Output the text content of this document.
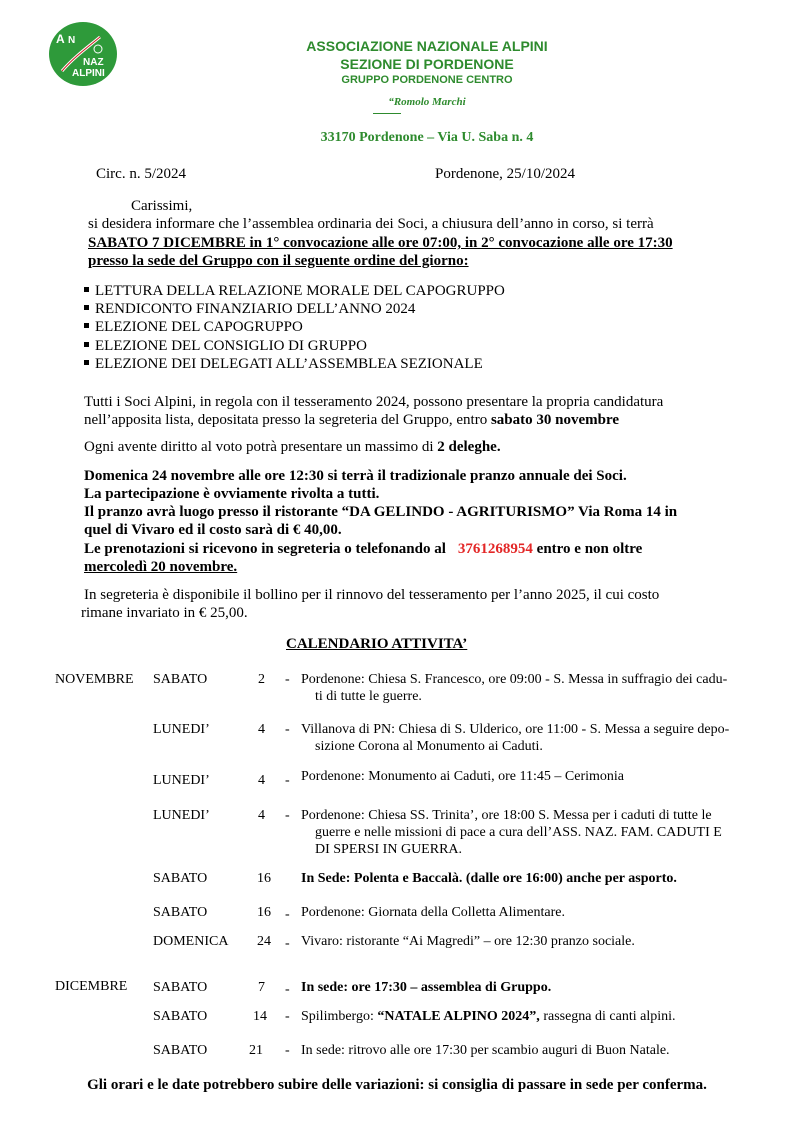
A N
NAZ
ALPINI
ASSOCIAZIONE NAZIONALE ALPINI
SEZIONE DI PORDENONE
GRUPPO PORDENONE CENTRO
“Romolo Marchi
33170 Pordenone – Via U. Saba n. 4
Circ. n. 5/2024	Pordenone, 25/10/2024
Carissimi,
si desidera informare che l’assemblea ordinaria dei Soci, a chiusura dell’anno in corso, si terrà
SABATO 7 DICEMBRE in 1° convocazione alle ore 07:00, in 2° convocazione alle ore 17:30
presso la sede del Gruppo con il seguente ordine del giorno:
LETTURA DELLA RELAZIONE MORALE DEL CAPOGRUPPO
RENDICONTO FINANZIARIO DELL’ANNO 2024
ELEZIONE DEL CAPOGRUPPO
ELEZIONE DEL CONSIGLIO DI GRUPPO
ELEZIONE DEI DELEGATI ALL’ASSEMBLEA SEZIONALE
Tutti i Soci Alpini, in regola con il tesseramento 2024, possono presentare la propria candidatura
nell’apposita lista, depositata presso la segreteria del Gruppo, entro sabato 30 novembre
Ogni avente diritto al voto potrà presentare un massimo di 2 deleghe.
Domenica 24 novembre alle ore 12:30 si terrà il tradizionale pranzo annuale dei Soci.
La partecipazione è ovviamente rivolta a tutti.
Il pranzo avrà luogo presso il ristorante “DA GELINDO - AGRITURISMO” Via Roma 14 in
quel di Vivaro ed il costo sarà di € 40,00.
Le prenotazioni si ricevono in segreteria o telefonando al 3761268954 entro e non oltre
mercoledì 20 novembre.
In segreteria è disponibile il bollino per il rinnovo del tesseramento per l’anno 2025, il cui costo
rimane invariato in € 25,00.
CALENDARIO ATTIVITA’
NOVEMBRE SABATO	2 - Pordenone: Chiesa S. Francesco, ore 09:00 - S. Messa in suffragio dei cadu-
ti di tutte le guerre.
LUNEDI’	4 - Villanova di PN: Chiesa di S. Ulderico, ore 11:00 - S. Messa a seguire depo-
sizione Corona al Monumento ai Caduti.
LUNEDI’	4 - Pordenone: Monumento ai Caduti, ore 11:45 – Cerimonia
LUNEDI’	4 - Pordenone: Chiesa SS. Trinita’, ore 18:00 S. Messa per i caduti di tutte le
guerre e nelle missioni di pace a cura dell’ASS. NAZ. FAM. CADUTI E
DI SPERSI IN GUERRA.
SABATO	16 In Sede: Polenta e Baccalà. (dalle ore 16:00) anche per asporto.
SABATO	16 - Pordenone: Giornata della Colletta Alimentare.
DOMENICA	24 - Vivaro: ristorante “Ai Magredi” – ore 12:30 pranzo sociale.
DICEMBRE SABATO	7 - In sede: ore 17:30 – assemblea di Gruppo.
SABATO	14 - Spilimbergo: “NATALE ALPINO 2024”, rassegna di canti alpini.
SABATO	21 - In sede: ritrovo alle ore 17:30 per scambio auguri di Buon Natale.
Gli orari e le date potrebbero subire delle variazioni: si consiglia di passare in sede per conferma.
